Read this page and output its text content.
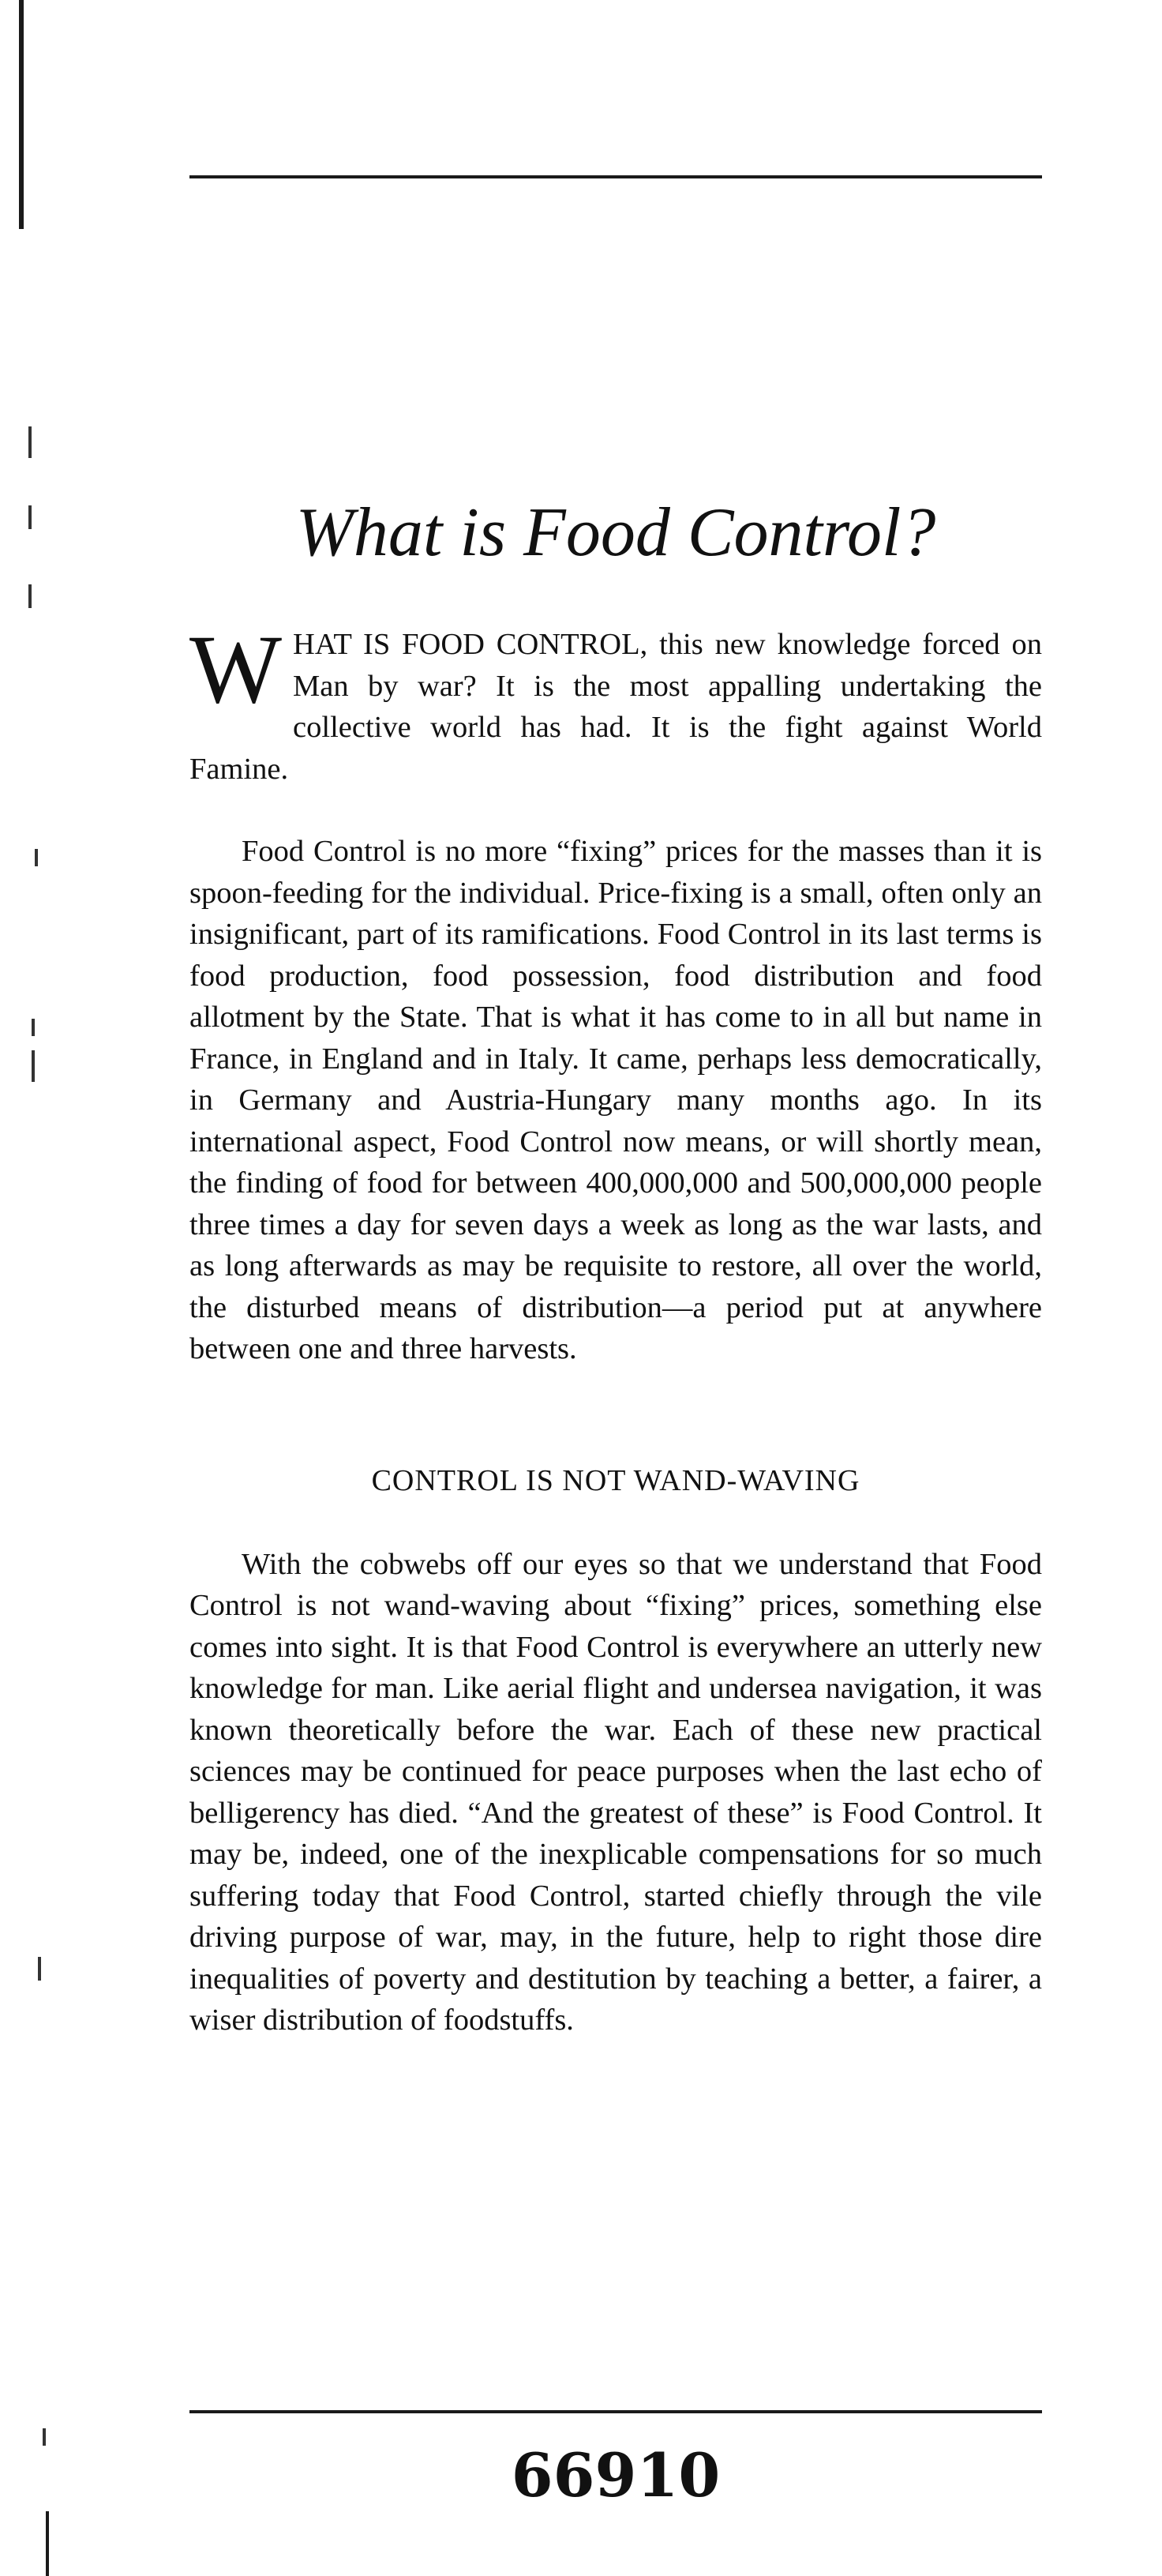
What is Food Control?

WHAT IS FOOD CONTROL, this new knowledge forced on Man by war? It is the most appalling undertaking the collective world has had. It is the fight against World Famine.

Food Control is no more “fixing” prices for the masses than it is spoon-feeding for the individual. Price-fixing is a small, often only an insignificant, part of its ramifications. Food Control in its last terms is food production, food possession, food distribution and food allotment by the State. That is what it has come to in all but name in France, in England and in Italy. It came, perhaps less democratically, in Germany and Austria-Hungary many months ago. In its international aspect, Food Control now means, or will shortly mean, the finding of food for between 400,000,000 and 500,000,000 people three times a day for seven days a week as long as the war lasts, and as long afterwards as may be requisite to restore, all over the world, the disturbed means of distribution—a period put at anywhere between one and three harvests.

CONTROL IS NOT WAND-WAVING

With the cobwebs off our eyes so that we understand that Food Control is not wand-waving about “fixing” prices, something else comes into sight. It is that Food Control is everywhere an utterly new knowledge for man. Like aerial flight and undersea navigation, it was known theoretically before the war. Each of these new practical sciences may be continued for peace purposes when the last echo of belligerency has died. “And the greatest of these” is Food Control. It may be, indeed, one of the inexplicable compensations for so much suffering today that Food Control, started chiefly through the vile driving purpose of war, may, in the future, help to right those dire inequalities of poverty and destitution by teaching a better, a fairer, a wiser distribution of foodstuffs.

66910
